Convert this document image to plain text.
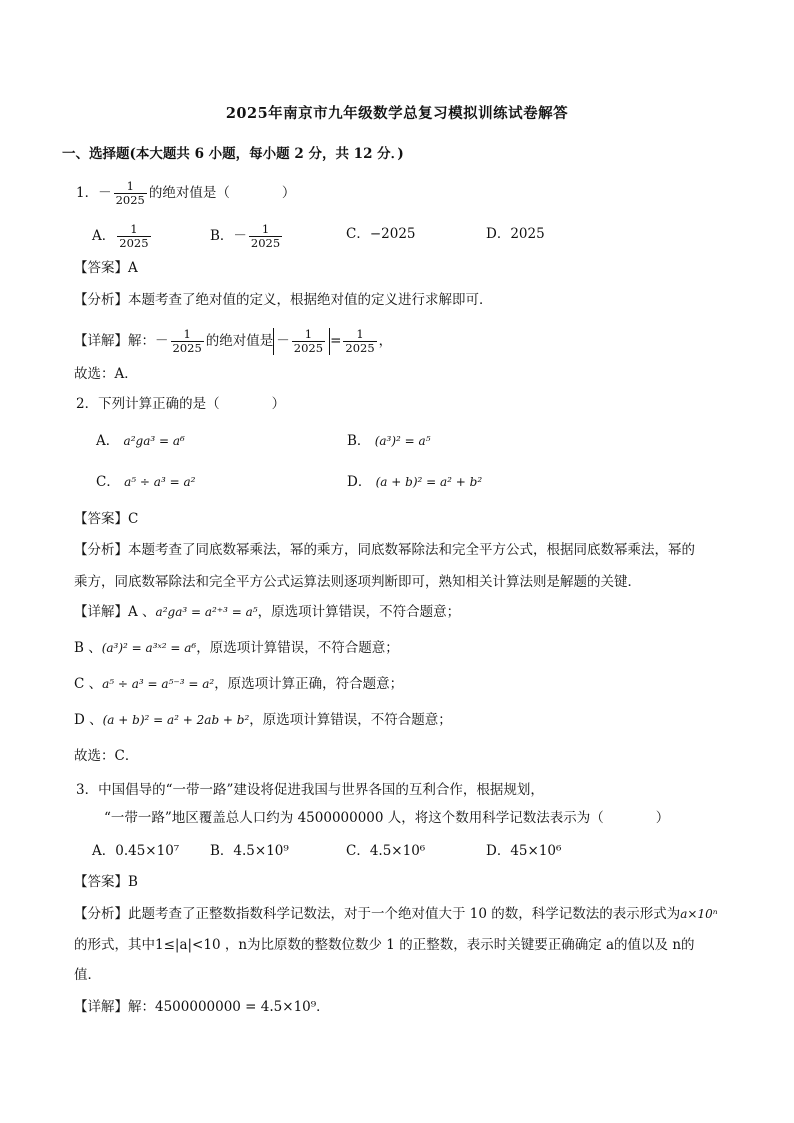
2025年南京市九年级数学总复习模拟训练试卷解答
一、选择题(本大题共 6 小题，每小题 2 分，共 12 分．)
1．－ $\frac{1}{2025}$ 的绝对值是（	）
A． $\frac{1}{2025}$	B．－ $\frac{1}{2025}$	C．−2025	D．2025
【答案】A
【分析】本题考查了绝对值的定义，根据绝对值的定义进行求解即可．
【详解】解：－ $\frac{1}{2025}$ 的绝对值是 － $\frac{1}{2025} = \frac{1}{2025}$ ，
故选：A．
2．下列计算正确的是（	）
A． a²ga³ = a⁶	B． (a³)² = a⁵
C． a⁵ ÷ a³ = a²	D． (a + b)² = a² + b²
【答案】C
【分析】本题考查了同底数幂乘法，幂的乘方，同底数幂除法和完全平方公式，根据同底数幂乘法，幂的
乘方，同底数幂除法和完全平方公式运算法则逐项判断即可，熟知相关计算法则是解题的关键．
【详解】A 、a²ga³ = a²⁺³ = a⁵，原选项计算错误，不符合题意；
B 、(a³)² = a³ˣ² = a⁶，原选项计算错误，不符合题意；
C 、a⁵ ÷ a³ = a⁵⁻³ = a²，原选项计算正确，符合题意；
D 、(a + b)² = a² + 2ab + b²，原选项计算错误，不符合题意；
故选：C．
3．中国倡导的“一带一路”建设将促进我国与世界各国的互利合作，根据规划，
“一带一路”地区覆盖总人口约为 4500000000 人，将这个数用科学记数法表示为（	）
A．0.45×10⁷ B．4.5×10⁹	C．4.5×10⁶	D．45×10⁶
【答案】B
【分析】此题考查了正整数指数科学记数法，对于一个绝对值大于 10 的数，科学记数法的表示形式为a×10ⁿ
的形式，其中1≤|a|<10 ，n为比原数的整数位数少 1 的正整数，表示时关键要正确确定 a的值以及 n的
值．
【详解】解：4500000000 = 4.5×10⁹．
